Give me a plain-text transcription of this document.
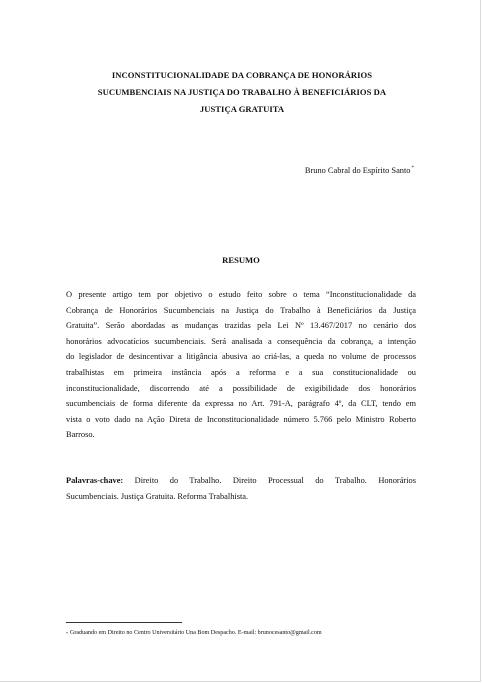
INCONSTITUCIONALIDADE DA COBRANÇA DE HONORÁRIOS
SUCUMBENCIAIS NA JUSTIÇA DO TRABALHO À BENEFICIÁRIOS DA
JUSTIÇA GRATUITA
Bruno Cabral do Espírito Santo*
RESUMO
O presente artigo tem por objetivo o estudo feito sobre o tema “Inconstitucionalidade da
Cobrança de Honorários Sucumbenciais na Justiça do Trabalho à Beneficiários da Justiça
Gratuita”. Serão abordadas as mudanças trazidas pela Lei Nº 13.467/2017 no cenário dos
honorários advocatícios sucumbenciais. Será analisada a consequência da cobrança, a intenção
do legislador de desincentivar a litigância abusiva ao criá-las, a queda no volume de processos
trabalhistas em primeira instância após a reforma e a sua constitucionalidade ou
inconstitucionalidade, discorrendo até a possibilidade de exigibilidade dos honorários
sucumbenciais de forma diferente da expressa no Art. 791-A, parágrafo 4º, da CLT, tendo em
vista o voto dado na Ação Direta de Inconstitucionalidade número 5.766 pelo Ministro Roberto
Barroso.
Palavras-chave: Direito do Trabalho. Direito Processual do Trabalho. Honorários
Sucumbenciais. Justiça Gratuita. Reforma Trabalhista.
* Graduando em Direito no Centro Universitário Una Bom Despacho. E-mail: brunocesanto@gmail.com
